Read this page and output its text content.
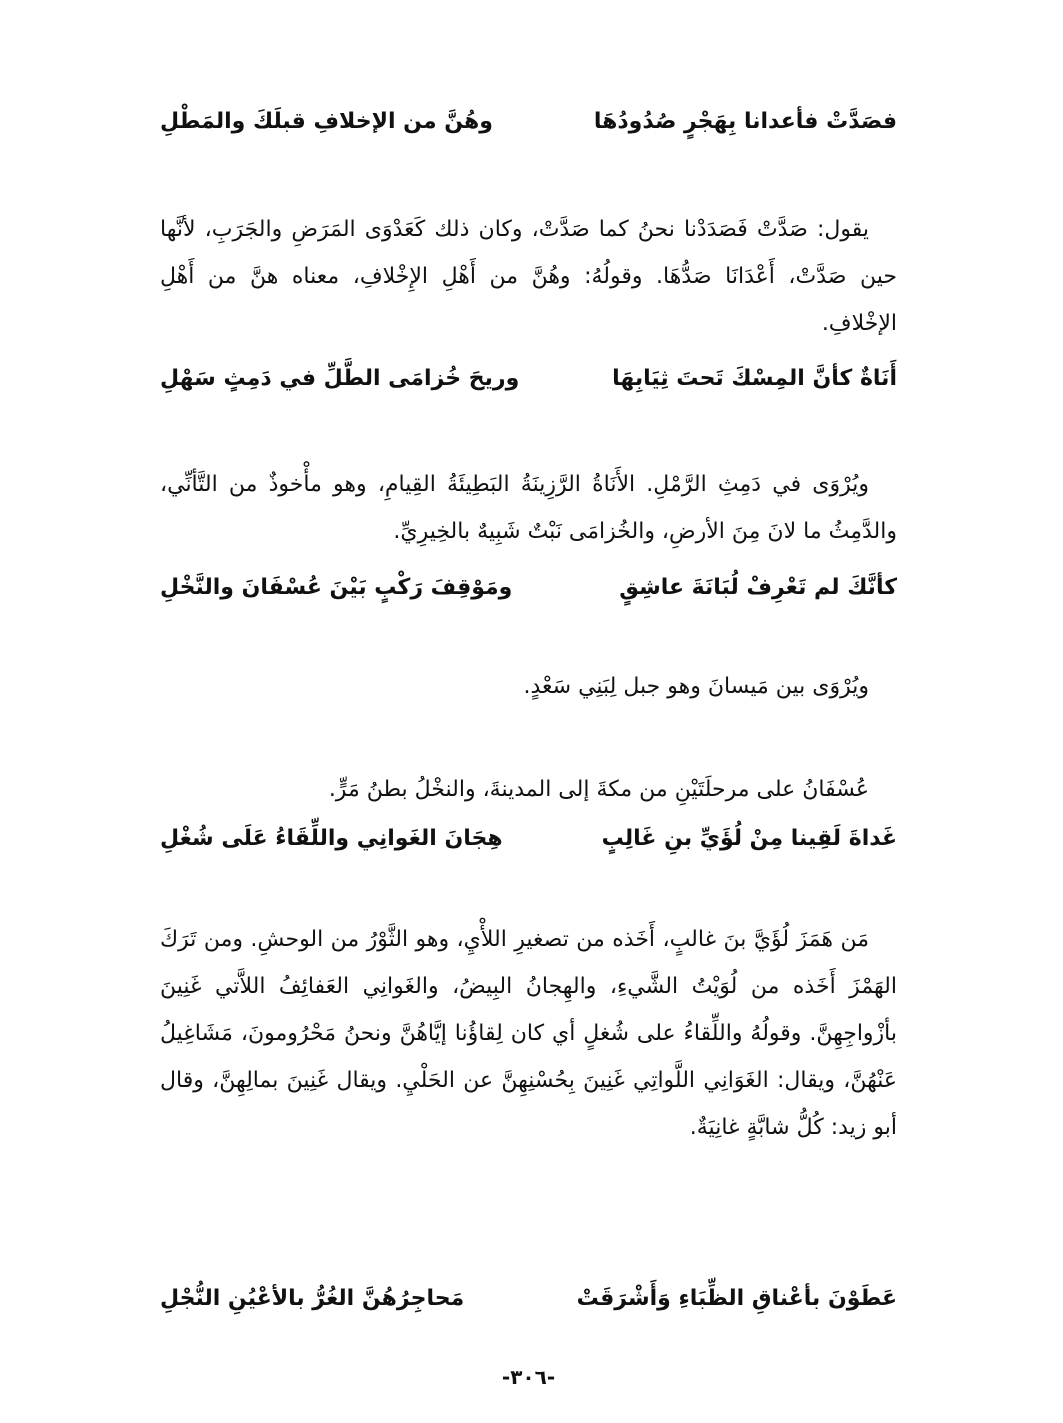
فصَدَّتْ فأعدانا بِهَجْرٍ صُدُودُهَا
وهُنَّ من الإخلافِ قبلَكَ والمَطْلِ

يقول: صَدَّتْ فَصَدَدْنا نحنُ كما صَدَّتْ، وكان ذلك كَعَدْوَى المَرَضِ والجَرَبِ، لأنَّها حين صَدَّتْ، أَعْدَانَا صَدُّهَا. وقولُهُ: وهُنَّ من أَهْلِ الإِخْلافِ، معناه هنَّ من أَهْلِ الإخْلافِ.

أَنَاةٌ كأنَّ المِسْكَ تَحتَ ثِيَابِهَا
وريحَ خُزامَى الطَّلِّ في دَمِثٍ سَهْلِ

ويُرْوَى في دَمِثِ الرَّمْلِ. الأَنَاةُ الرَّزِينَةُ البَطِيئَةُ القِيامِ، وهو مأْخوذٌ من التَّأنِّي، والدَّمِثُ ما لانَ مِنَ الأرضِ، والخُزامَى نَبْتٌ شَبِيهٌ بالخِيرِيِّ.

كأنَّكَ لم تَعْرِفْ لُبَانَةَ عاشِقٍ
ومَوْقِفَ رَكْبٍ بَيْنَ عُسْفَانَ والنَّخْلِ

ويُرْوَى بين مَيسانَ وهو جبل لِبَنِي سَعْدٍ.

عُسْفَانُ على مرحلَتَيْنِ من مكةَ إلى المدينةَ، والنخْلُ بطنُ مَرٍّ.

غَداةَ لَقِينا مِنْ لُؤَيِّ بنِ غَالِبٍ
هِجَانَ الغَوانِي واللِّقَاءُ عَلَى شُغْلِ

مَن هَمَزَ لُؤَيَّ بنَ غالبٍ، أَخَذه من تصغيرِ اللأْيِ، وهو الثَّوْرُ من الوحشِ. ومن تَرَكَ الهَمْزَ أَخَذه من لُوَيْتُ الشَّيءِ، والهِجانُ البِيضُ، والغَوانِي العَفائِفُ اللاَّتي غَنِينَ بأزْواجِهِنَّ. وقولُهُ واللِّقاءُ على شُغلٍ أي كان لِقاؤُنا إيَّاهُنَّ ونحنُ مَحْرُومونَ، مَشَاغِيلُ عَنْهُنَّ، ويقال: الغَوَانِي اللَّواتِي غَنِينَ بِحُسْنِهِنَّ عن الحَلْيِ. ويقال غَنِينَ بمالِهِنَّ، وقال أبو زيد: كُلُّ شابَّةٍ غانِيَةٌ.

عَطَوْنَ بأعْناقِ الظِّبَاءِ وَأَشْرَقَتْ
مَحاجِرُهُنَّ الغُرُّ بالأعْيُنِ النُّجْلِ
-٣٠٦-
